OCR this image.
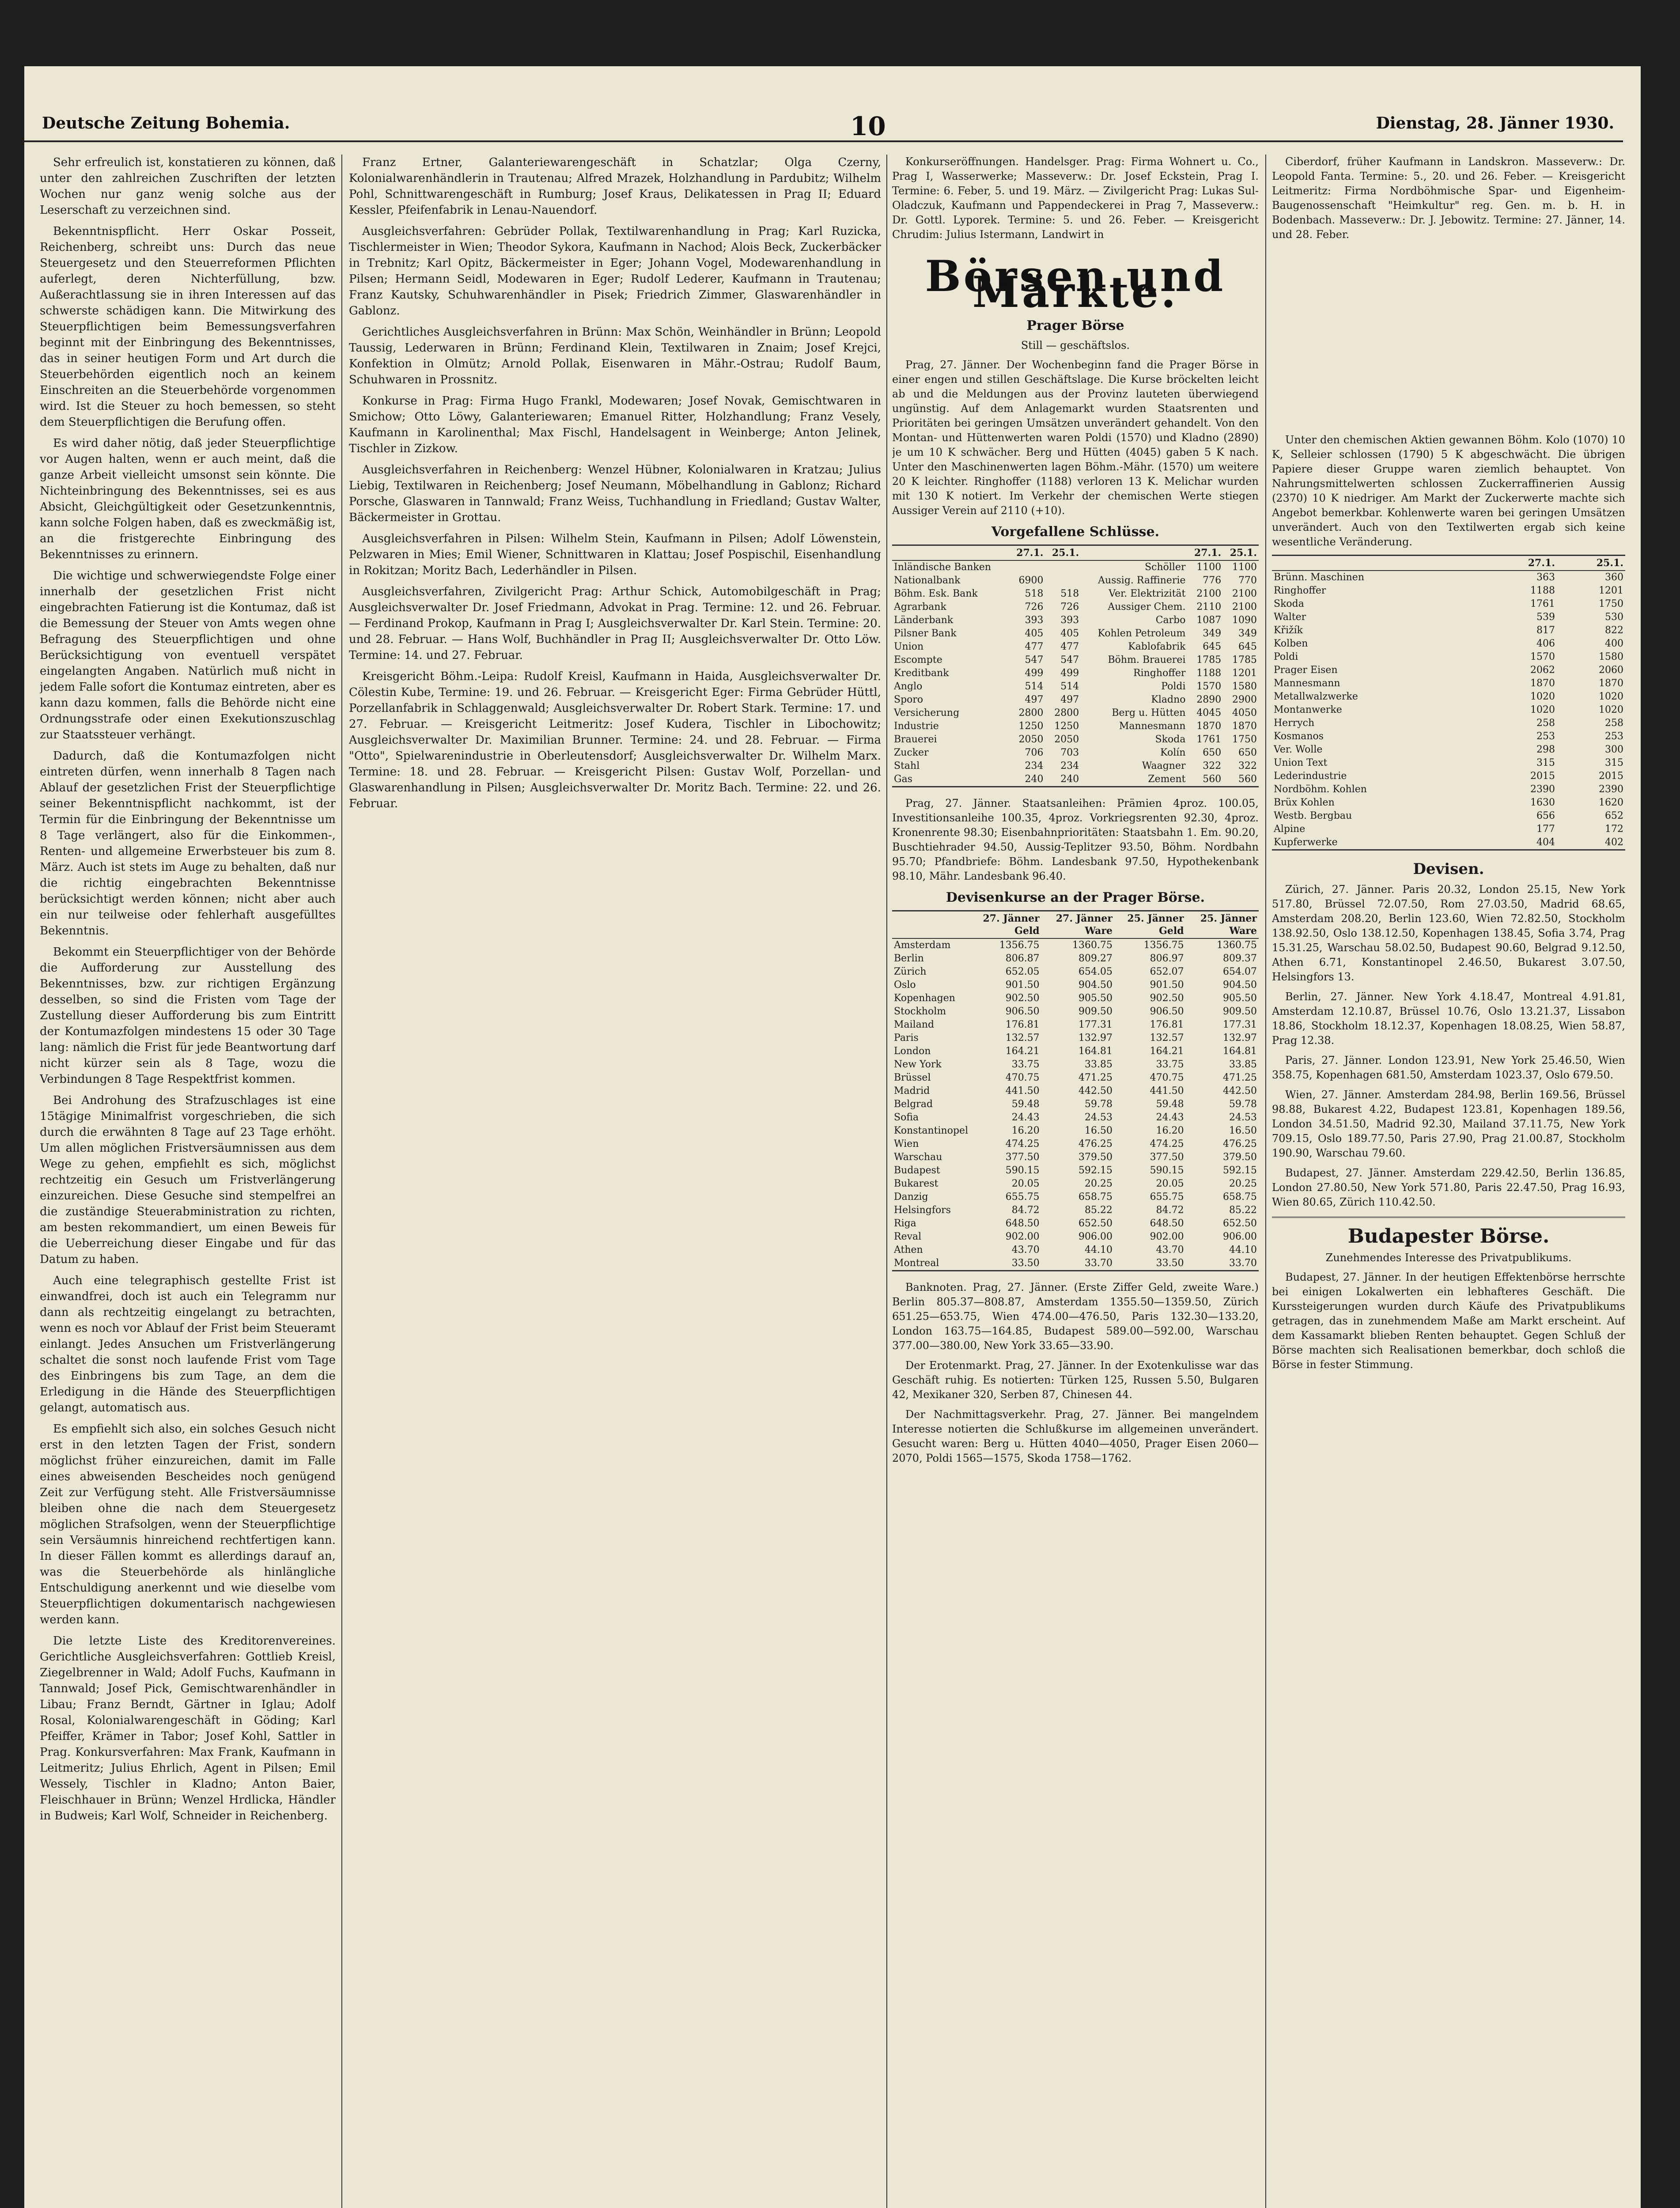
Deutsche Zeitung Bohemia.	10	Dienstag, 28. Jänner 1930.

Sehr erfreulich ist, konstatieren zu können, daß unter den zahlreichen Zuschriften der letzten Wochen nur ganz wenig solche aus der Leserschaft zu verzeichnen sind.

Bekenntnispflicht. Herr Oskar Posseit, Reichenberg, schreibt uns: Durch das neue Steuergesetz und den Steuerreformen Pflichten auferlegt, deren Nichterfüllung, bzw. Außerachtlassung sie in ihren Interessen auf das schwerste schädigen kann. Die Mitwirkung des Steuerpflichtigen beim Bemessungsverfahren beginnt mit der Einbringung des Bekenntnisses, das in seiner heutigen Form und Art durch die Steuerbehörden eigentlich noch an keinem Einschreiten an die Steuerbehörde vorgenommen wird. Ist die Steuer zu hoch bemessen, so steht dem Steuerpflichtigen die Berufung offen.

Es wird daher nötig, daß jeder Steuerpflichtige vor Augen halten, wenn er auch meint, daß die ganze Arbeit vielleicht umsonst sein könnte. Die Nichteinbringung des Bekenntnisses, sei es aus Absicht, Gleichgültigkeit oder Gesetzunkenntnis, kann solche Folgen haben, daß es zweckmäßig ist, an die fristgerechte Einbringung des Bekenntnisses zu erinnern.

Die wichtige und schwerwiegendste Folge einer innerhalb der gesetzlichen Frist nicht eingebrachten Fatierung ist die Kontumaz, daß ist die Bemessung der Steuer von Amts wegen ohne Befragung des Steuerpflichtigen und ohne Berücksichtigung von eventuell verspätet eingelangten Angaben. Natürlich muß nicht in jedem Falle sofort die Kontumaz eintreten, aber es kann dazu kommen, falls die Behörde nicht eine Ordnungsstrafe oder einen Exekutionszuschlag zur Staatssteuer verhängt.

Dadurch, daß die Kontumazfolgen nicht eintreten dürfen, wenn innerhalb 8 Tagen nach Ablauf der gesetzlichen Frist der Steuerpflichtige seiner Bekenntnispflicht nachkommt, ist der Termin für die Einbringung der Bekenntnisse um 8 Tage verlängert, also für die Einkommen-, Renten- und allgemeine Erwerbsteuer bis zum 8. März. Auch ist stets im Auge zu behalten, daß nur die richtig eingebrachten Bekenntnisse berücksichtigt werden können; nicht aber auch ein nur teilweise oder fehlerhaft ausgefülltes Bekenntnis.

Bekommt ein Steuerpflichtiger von der Behörde die Aufforderung zur Ausstellung des Bekenntnisses, bzw. zur richtigen Ergänzung desselben, so sind die Fristen vom Tage der Zustellung dieser Aufforderung bis zum Eintritt der Kontumazfolgen mindestens 15 oder 30 Tage lang: nämlich die Frist für jede Beantwortung darf nicht kürzer sein als 8 Tage, wozu die Verbindungen 8 Tage Respektfrist kommen.

Bei Androhung des Strafzuschlages ist eine 15tägige Minimalfrist vorgeschrieben, die sich durch die erwähnten 8 Tage auf 23 Tage erhöht. Um allen möglichen Fristversäumnissen aus dem Wege zu gehen, empfiehlt es sich, möglichst rechtzeitig ein Gesuch um Fristverlängerung einzureichen. Diese Gesuche sind stempelfrei an die zuständige Steuerabministration zu richten, am besten rekommandiert, um einen Beweis für die Ueberreichung dieser Eingabe und für das Datum zu haben.

Auch eine telegraphisch gestellte Frist ist einwandfrei, doch ist auch ein Telegramm nur dann als rechtzeitig eingelangt zu betrachten, wenn es noch vor Ablauf der Frist beim Steueramt einlangt. Jedes Ansuchen um Fristverlängerung schaltet die sonst noch laufende Frist vom Tage des Einbringens bis zum Tage, an dem die Erledigung in die Hände des Steuerpflichtigen gelangt, automatisch aus.

Es empfiehlt sich also, ein solches Gesuch nicht erst in den letzten Tagen der Frist, sondern möglichst früher einzureichen, damit im Falle eines abweisenden Bescheides noch genügend Zeit zur Verfügung steht. Alle Fristversäumnisse bleiben ohne die nach dem Steuergesetz möglichen Strafsolgen, wenn der Steuerpflichtige sein Versäumnis hinreichend rechtfertigen kann. In dieser Fällen kommt es allerdings darauf an, was die Steuerbehörde als hinlängliche Entschuldigung anerkennt und wie dieselbe vom Steuerpflichtigen dokumentarisch nachgewiesen werden kann.

Die letzte Liste des Kreditorenvereines. Gerichtliche Ausgleichsverfahren: Gottlieb Kreisl, Ziegelbrenner in Wald; Adolf Fuchs, Kaufmann in Tannwald; Josef Pick, Gemischtwarenhändler in Libau; Franz Berndt, Gärtner in Iglau; Adolf Rosal, Kolonialwarengeschäft in Göding; Karl Pfeiffer, Krämer in Tabor; Josef Kohl, Sattler in Prag. Konkursverfahren: Max Frank, Kaufmann in Leitmeritz; Julius Ehrlich, Agent in Pilsen; Emil Wessely, Tischler in Kladno; Anton Baier, Fleischhauer in Brünn; Wenzel Hrdlicka, Händler in Budweis; Karl Wolf, Schneider in Reichenberg.

Franz Ertner, Galanteriewarengeschäft in Schatzlar; Olga Czerny, Kolonialwarenhändlerin in Trautenau; Alfred Mrazek, Holzhandlung in Pardubitz; Wilhelm Pohl, Schnittwarengeschäft in Rumburg; Josef Kraus, Delikatessen in Prag II; Eduard Kessler, Pfeifenfabrik in Lenau-Nauendorf.

Ausgleichsverfahren: Gebrüder Pollak, Textilwarenhandlung in Prag; Karl Ruzicka, Tischlermeister in Wien; Theodor Sykora, Kaufmann in Nachod; Alois Beck, Zuckerbäcker in Trebnitz; Karl Opitz, Bäckermeister in Eger; Johann Vogel, Modewarenhandlung in Pilsen; Hermann Seidl, Modewaren in Eger; Rudolf Lederer, Kaufmann in Trautenau; Franz Kautsky, Schuhwarenhändler in Pisek; Friedrich Zimmer, Glaswarenhändler in Gablonz.

Gerichtliches Ausgleichsverfahren in Brünn: Max Schön, Weinhändler in Brünn; Leopold Taussig, Lederwaren in Brünn; Ferdinand Klein, Textilwaren in Znaim; Josef Krejci, Konfektion in Olmütz; Arnold Pollak, Eisenwaren in Mähr.-Ostrau; Rudolf Baum, Schuhwaren in Prossnitz.

Konkurse in Prag: Firma Hugo Frankl, Modewaren; Josef Novak, Gemischtwaren in Smichow; Otto Löwy, Galanteriewaren; Emanuel Ritter, Holzhandlung; Franz Vesely, Kaufmann in Karolinenthal; Max Fischl, Handelsagent in Weinberge; Anton Jelinek, Tischler in Zizkow.

Ausgleichsverfahren in Reichenberg: Wenzel Hübner, Kolonialwaren in Kratzau; Julius Liebig, Textilwaren in Reichenberg; Josef Neumann, Möbelhandlung in Gablonz; Richard Porsche, Glaswaren in Tannwald; Franz Weiss, Tuchhandlung in Friedland; Gustav Walter, Bäckermeister in Grottau.

Ausgleichsverfahren in Pilsen: Wilhelm Stein, Kaufmann in Pilsen; Adolf Löwenstein, Pelzwaren in Mies; Emil Wiener, Schnittwaren in Klattau; Josef Pospischil, Eisenhandlung in Rokitzan; Moritz Bach, Lederhändler in Pilsen.

Ausgleichsverfahren, Zivilgericht Prag: Arthur Schick, Automobilgeschäft in Prag; Ausgleichsverwalter Dr. Josef Friedmann, Advokat in Prag. Termine: 12. und 26. Februar. — Ferdinand Prokop, Kaufmann in Prag I; Ausgleichsverwalter Dr. Karl Stein. Termine: 20. und 28. Februar. — Hans Wolf, Buchhändler in Prag II; Ausgleichsverwalter Dr. Otto Löw. Termine: 14. und 27. Februar.

Kreisgericht Böhm.-Leipa: Rudolf Kreisl, Kaufmann in Haida, Ausgleichsverwalter Dr. Cölestin Kube, Termine: 19. und 26. Februar. — Kreisgericht Eger: Firma Gebrüder Hüttl, Porzellanfabrik in Schlaggenwald; Ausgleichsverwalter Dr. Robert Stark. Termine: 17. und 27. Februar. — Kreisgericht Leitmeritz: Josef Kudera, Tischler in Libochowitz; Ausgleichsverwalter Dr. Maximilian Brunner. Termine: 24. und 28. Februar. — Firma "Otto", Spielwarenindustrie in Oberleutensdorf; Ausgleichsverwalter Dr. Wilhelm Marx. Termine: 18. und 28. Februar. — Kreisgericht Pilsen: Gustav Wolf, Porzellan- und Glaswarenhandlung in Pilsen; Ausgleichsverwalter Dr. Moritz Bach. Termine: 22. und 26. Februar.

Konkurseröffnungen. Handelsger. Prag: Firma Wohnert u. Co., Prag I, Wasserwerke; Masseverw.: Dr. Josef Eckstein, Prag I. Termine: 6. Feber, 5. und 19. März. — Zivilgericht Prag: Lukas Sul-Oladczuk, Kaufmann und Pappendeckerei in Prag 7, Masseverw.: Dr. Gottl. Lyporek. Termine: 5. und 26. Feber. — Kreisgericht Chrudim: Julius Istermann, Landwirt in

Börsen und Märkte.
Prager Börse
Still — geschäftslos.

Prag, 27. Jänner. Der Wochenbeginn fand die Prager Börse in einer engen und stillen Geschäftslage. Die Kurse bröckelten leicht ab und die Meldungen aus der Provinz lauteten überwiegend ungünstig. Auf dem Anlagemarkt wurden Staatsrenten und Prioritäten bei geringen Umsätzen unverändert gehandelt. Von den Montan- und Hüttenwerten waren Poldi (1570) und Kladno (2890) je um 10 K schwächer. Berg und Hütten (4045) gaben 5 K nach. Unter den Maschinenwerten lagen Böhm.-Mähr. (1570) um weitere 20 K leichter. Ringhoffer (1188) verloren 13 K. Melichar wurden mit 130 K notiert. Im Verkehr der chemischen Werte stiegen Aussiger Verein auf 2110 (+10).

Vorgefallene Schlüsse.
	27.1.	25.1.		27.1.	25.1.
Inländische Banken			Schöller	1100	1100
Nationalbank	6900		Aussig. Raffinerie	776	770
Böhm. Esk. Bank	518	518	Ver. Elektrizität	2100	2100
Agrarbank	726	726	Aussiger Chem.	2110	2100
Länderbank	393	393	Carbo	1087	1090
Pilsner Bank	405	405	Kohlen Petroleum	349	349
Union	477	477	Kablofabrik	645	645
Escompte	547	547	Böhm. Brauerei	1785	1785
Kreditbank	499	499	Ringhoffer	1188	1201
Anglo	514	514	Poldi	1570	1580
Sporo	497	497	Kladno	2890	2900
Versicherung	2800	2800	Berg u. Hütten	4045	4050
Industrie	1250	1250	Mannesmann	1870	1870
Brauerei	2050	2050	Skoda	1761	1750
Zucker	706	703	Kolín	650	650
Stahl	234	234	Waagner	322	322
Gas	240	240	Zement	560	560

Prag, 27. Jänner. Staatsanleihen: Prämien 4proz. 100.05, Investitionsanleihe 100.35, 4proz. Vorkriegsrenten 92.30, 4proz. Kronenrente 98.30; Eisenbahnprioritäten: Staatsbahn 1. Em. 90.20, Buschtiehrader 94.50, Aussig-Teplitzer 93.50, Böhm. Nordbahn 95.70; Pfandbriefe: Böhm. Landesbank 97.50, Hypothekenbank 98.10, Mähr. Landesbank 96.40.

Devisenkurse an der Prager Börse.
	27. Jänner Geld	27. Jänner Ware	25. Jänner Geld	25. Jänner Ware
Amsterdam	1356.75	1360.75	1356.75	1360.75
Berlin	806.87	809.27	806.97	809.37
Zürich	652.05	654.05	652.07	654.07
Oslo	901.50	904.50	901.50	904.50
Kopenhagen	902.50	905.50	902.50	905.50
Stockholm	906.50	909.50	906.50	909.50
Mailand	176.81	177.31	176.81	177.31
Paris	132.57	132.97	132.57	132.97
London	164.21	164.81	164.21	164.81
New York	33.75	33.85	33.75	33.85
Brüssel	470.75	471.25	470.75	471.25
Madrid	441.50	442.50	441.50	442.50
Belgrad	59.48	59.78	59.48	59.78
Sofia	24.43	24.53	24.43	24.53
Konstantinopel	16.20	16.50	16.20	16.50
Wien	474.25	476.25	474.25	476.25
Warschau	377.50	379.50	377.50	379.50
Budapest	590.15	592.15	590.15	592.15
Bukarest	20.05	20.25	20.05	20.25
Danzig	655.75	658.75	655.75	658.75
Helsingfors	84.72	85.22	84.72	85.22
Riga	648.50	652.50	648.50	652.50
Reval	902.00	906.00	902.00	906.00
Athen	43.70	44.10	43.70	44.10
Montreal	33.50	33.70	33.50	33.70

Banknoten. Prag, 27. Jänner. (Erste Ziffer Geld, zweite Ware.) Berlin 805.37—808.87, Amsterdam 1355.50—1359.50, Zürich 651.25—653.75, Wien 474.00—476.50, Paris 132.30—133.20, London 163.75—164.85, Budapest 589.00—592.00, Warschau 377.00—380.00, New York 33.65—33.90.

Der Erotenmarkt. Prag, 27. Jänner. In der Exotenkulisse war das Geschäft ruhig. Es notierten: Türken 125, Russen 5.50, Bulgaren 42, Mexikaner 320, Serben 87, Chinesen 44.

Der Nachmittagsverkehr. Prag, 27. Jänner. Bei mangelndem Interesse notierten die Schlußkurse im allgemeinen unverändert. Gesucht waren: Berg u. Hütten 4040—4050, Prager Eisen 2060—2070, Poldi 1565—1575, Skoda 1758—1762.

Ciberdorf, früher Kaufmann in Landskron. Masseverw.: Dr. Leopold Fanta. Termine: 5., 20. und 26. Feber. — Kreisgericht Leitmeritz: Firma Nordböhmische Spar- und Eigenheim-Baugenossenschaft "Heimkultur" reg. Gen. m. b. H. in Bodenbach. Masseverw.: Dr. J. Jebowitz. Termine: 27. Jänner, 14. und 28. Feber.

Unter den chemischen Aktien gewannen Böhm. Kolo (1070) 10 K, Selleier schlossen (1790) 5 K abgeschwächt. Die übrigen Papiere dieser Gruppe waren ziemlich behauptet. Von Nahrungsmittelwerten schlossen Zuckerraffinerien Aussig (2370) 10 K niedriger. Am Markt der Zuckerwerte machte sich Angebot bemerkbar. Kohlenwerte waren bei geringen Umsätzen unverändert. Auch von den Textilwerten ergab sich keine wesentliche Veränderung.

	27.1.	25.1.
Brünn. Maschinen	363	360
Ringhoffer	1188	1201
Skoda	1761	1750
Walter	539	530
Křižík	817	822
Kolben	406	400
Poldi	1570	1580
Prager Eisen	2062	2060
Mannesmann	1870	1870
Metallwalzwerke	1020	1020
Montanwerke	1020	1020
Herrych	258	258
Kosmanos	253	253
Ver. Wolle	298	300
Union Text	315	315
Lederindustrie	2015	2015
Nordböhm. Kohlen	2390	2390
Brüx Kohlen	1630	1620
Westb. Bergbau	656	652
Alpine	177	172
Kupferwerke	404	402
Devisen.

Zürich, 27. Jänner. Paris 20.32, London 25.15, New York 517.80, Brüssel 72.07.50, Rom 27.03.50, Madrid 68.65, Amsterdam 208.20, Berlin 123.60, Wien 72.82.50, Stockholm 138.92.50, Oslo 138.12.50, Kopenhagen 138.45, Sofia 3.74, Prag 15.31.25, Warschau 58.02.50, Budapest 90.60, Belgrad 9.12.50, Athen 6.71, Konstantinopel 2.46.50, Bukarest 3.07.50, Helsingfors 13.

Berlin, 27. Jänner. New York 4.18.47, Montreal 4.91.81, Amsterdam 12.10.87, Brüssel 10.76, Oslo 13.21.37, Lissabon 18.86, Stockholm 18.12.37, Kopenhagen 18.08.25, Wien 58.87, Prag 12.38.

Paris, 27. Jänner. London 123.91, New York 25.46.50, Wien 358.75, Kopenhagen 681.50, Amsterdam 1023.37, Oslo 679.50.

Wien, 27. Jänner. Amsterdam 284.98, Berlin 169.56, Brüssel 98.88, Bukarest 4.22, Budapest 123.81, Kopenhagen 189.56, London 34.51.50, Madrid 92.30, Mailand 37.11.75, New York 709.15, Oslo 189.77.50, Paris 27.90, Prag 21.00.87, Stockholm 190.90, Warschau 79.60.

Budapest, 27. Jänner. Amsterdam 229.42.50, Berlin 136.85, London 27.80.50, New York 571.80, Paris 22.47.50, Prag 16.93, Wien 80.65, Zürich 110.42.50.

Budapester Börse.
Zunehmendes Interesse des Privatpublikums.

Budapest, 27. Jänner. In der heutigen Effektenbörse herrschte bei einigen Lokalwerten ein lebhafteres Geschäft. Die Kurssteigerungen wurden durch Käufe des Privatpublikums getragen, das in zunehmendem Maße am Markt erscheint. Auf dem Kassamarkt blieben Renten behauptet. Gegen Schluß der Börse machten sich Realisationen bemerkbar, doch schloß die Börse in fester Stimmung.
